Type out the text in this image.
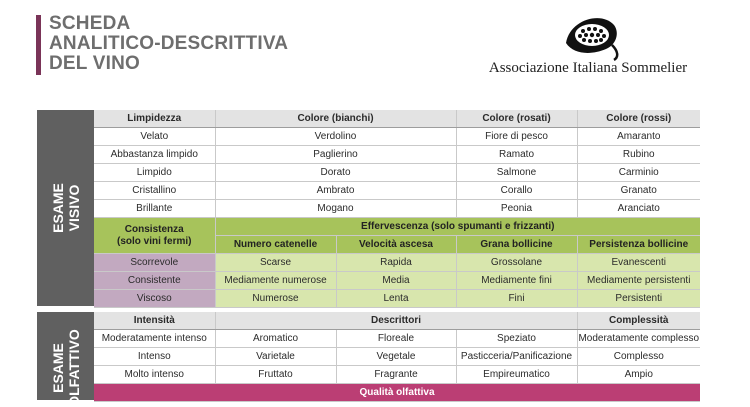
SCHEDA
ANALITICO-DESCRITTIVA
DEL VINO	Associazione Italiana Sommelier
ESAME
VISIVO
Limpidezza	Colore (bianchi)		Colore (rosati)	Colore (rossi)
Velato	Verdolino		Fiore di pesco	Amaranto
Abbastanza limpido	Paglierino		Ramato	Rubino
Limpido	Dorato		Salmone	Carminio
Cristallino	Ambrato		Corallo	Granato
Brillante	Mogano		Peonia	Aranciato
Consistenza
(solo vini fermi)	Effervescenza (solo spumanti e frizzanti)			
	Numero catenelle	Velocità ascesa	Grana bollicine	Persistenza bollicine
Scorrevole	Scarse	Rapida	Grossolane	Evanescenti
Consistente	Mediamente numerose	Media	Mediamente fini	Mediamente persistenti
Viscoso	Numerose	Lenta	Fini	Persistenti
ESAME
OLFATTIVO
Intensità	Descrittori			Complessità
Moderatamente intenso	Aromatico	Floreale	Speziato	Moderatamente complesso
Intenso	Varietale	Vegetale	Pasticceria/Panificazione	Complesso
Molto intenso	Fruttato	Fragrante	Empireumatico	Ampio
Qualità olfattiva				
